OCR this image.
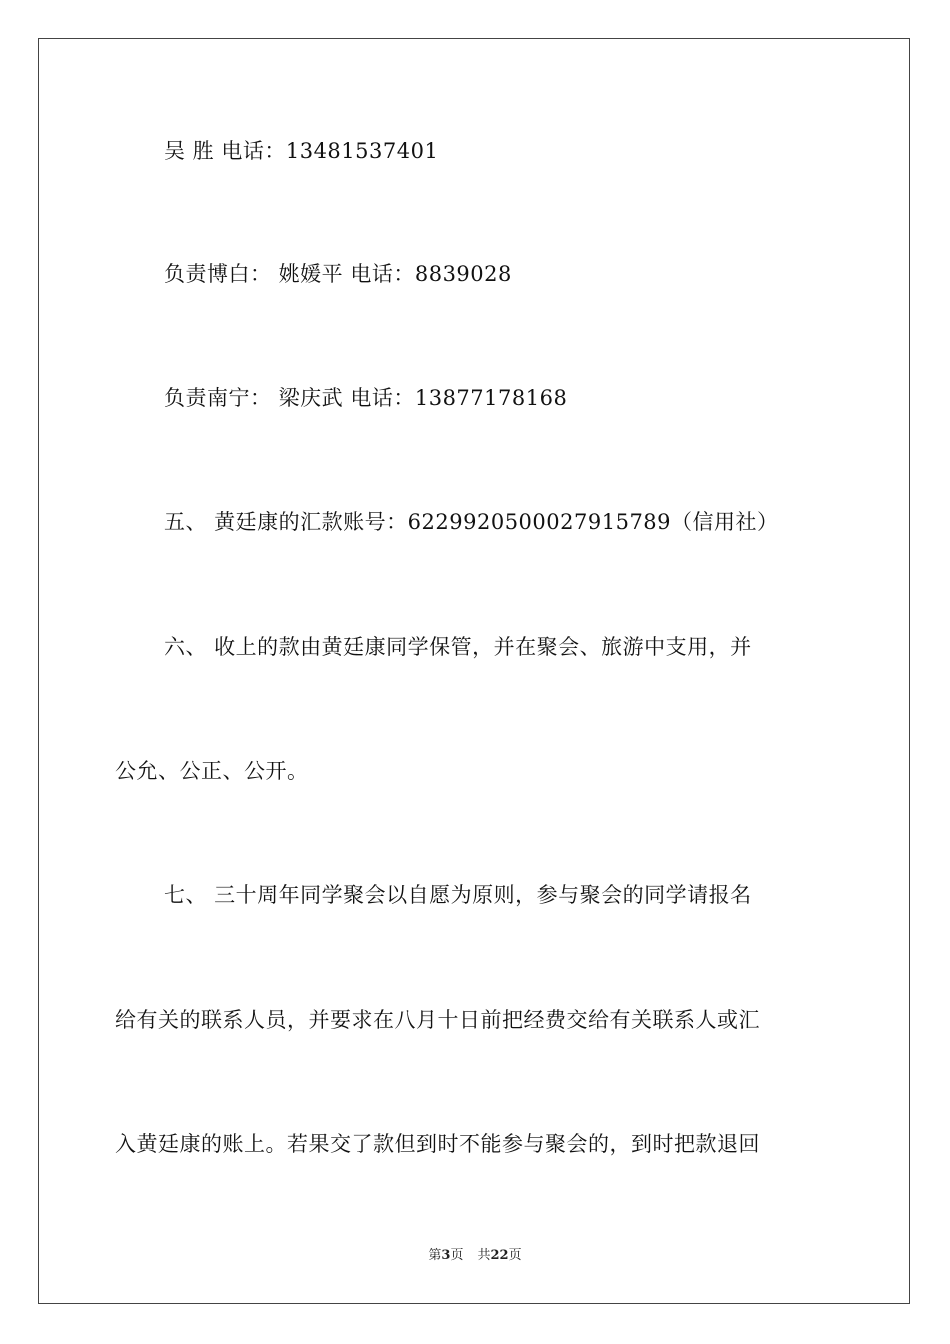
吴 胜 电话：13481537401
负责博白： 姚媛平 电话：8839028
负责南宁： 梁庆武 电话：13877178168
五、 黄廷康的汇款账号：6229920500027915789（信用社）
六、 收上的款由黄廷康同学保管，并在聚会、旅游中支用，并
公允、公正、公开。
七、 三十周年同学聚会以自愿为原则，参与聚会的同学请报名
给有关的联系人员，并要求在八月十日前把经费交给有关联系人或汇
入黄廷康的账上。若果交了款但到时不能参与聚会的，到时把款退回
第3页 共22页
